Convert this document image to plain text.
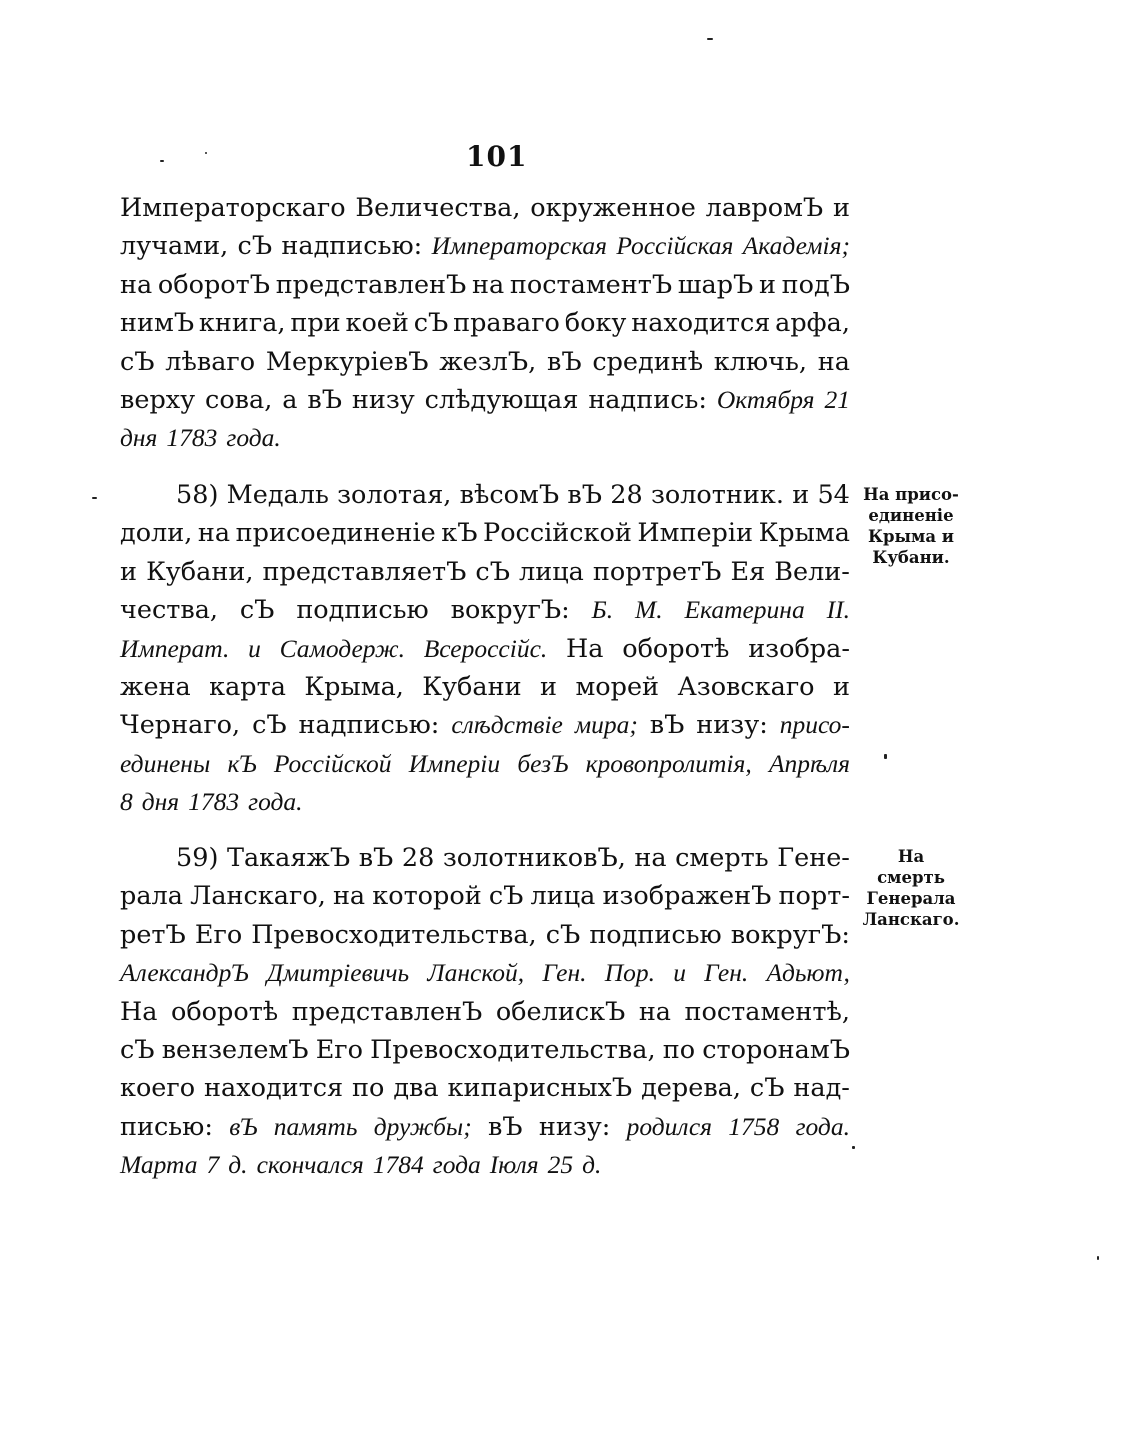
101
Императорскаго Величества, окруженное лавромЪ и
лучами, сЪ надписью: Императорская Россійская Академія;
на оборотЪ представленЪ на постаментЪ шарЪ и подЪ
нимЪ книга, при коей сЪ праваго боку находится арфа,
сЪ лѣваго МеркуріевЪ жезлЪ, вЪ срединѣ ключь, на
верху сова, а вЪ низу слѣдующая надпись: Октября 21
дня 1783 года.
58) Медаль золотая, вѣсомЪ вЪ 28 золотник. и 54
доли, на присоединеніе кЪ Россійской Имперіи Крыма
и Кубани, представляетЪ сЪ лица портретЪ Ея Вели-
чества, сЪ подписью вокругЪ: Б. М. Екатерина II.
Императ. и Самодерж. Всероссійс. На оборотѣ изобра-
жена карта Крыма, Кубани и морей Азовскаго и
Чернаго, сЪ надписью: слѣдствіе мира; вЪ низу: присо-
единены кЪ Россійской Имперіи безЪ кровопролитія, Апрѣля
8 дня 1783 года.
59) ТакаяжЪ вЪ 28 золотниковЪ, на смерть Гене-
рала Ланскаго, на которой сЪ лица изображенЪ порт-
ретЪ Его Превосходительства, сЪ подписью вокругЪ:
АлександрЪ Дмитріевичь Ланской, Ген. Пор. и Ген. Адьют,
На оборотѣ представленЪ обелискЪ на постаментѣ,
сЪ вензелемЪ Его Превосходительства, по сторонамЪ
коего находится по два кипарисныхЪ дерева, сЪ над-
писью: вЪ память дружбы; вЪ низу: родился 1758 года.
Марта 7 д. скончался 1784 года Іюля 25 д.
На присо-
единеніе
Крыма и
Кубани.
На
смерть
Генерала
Ланскаго.
